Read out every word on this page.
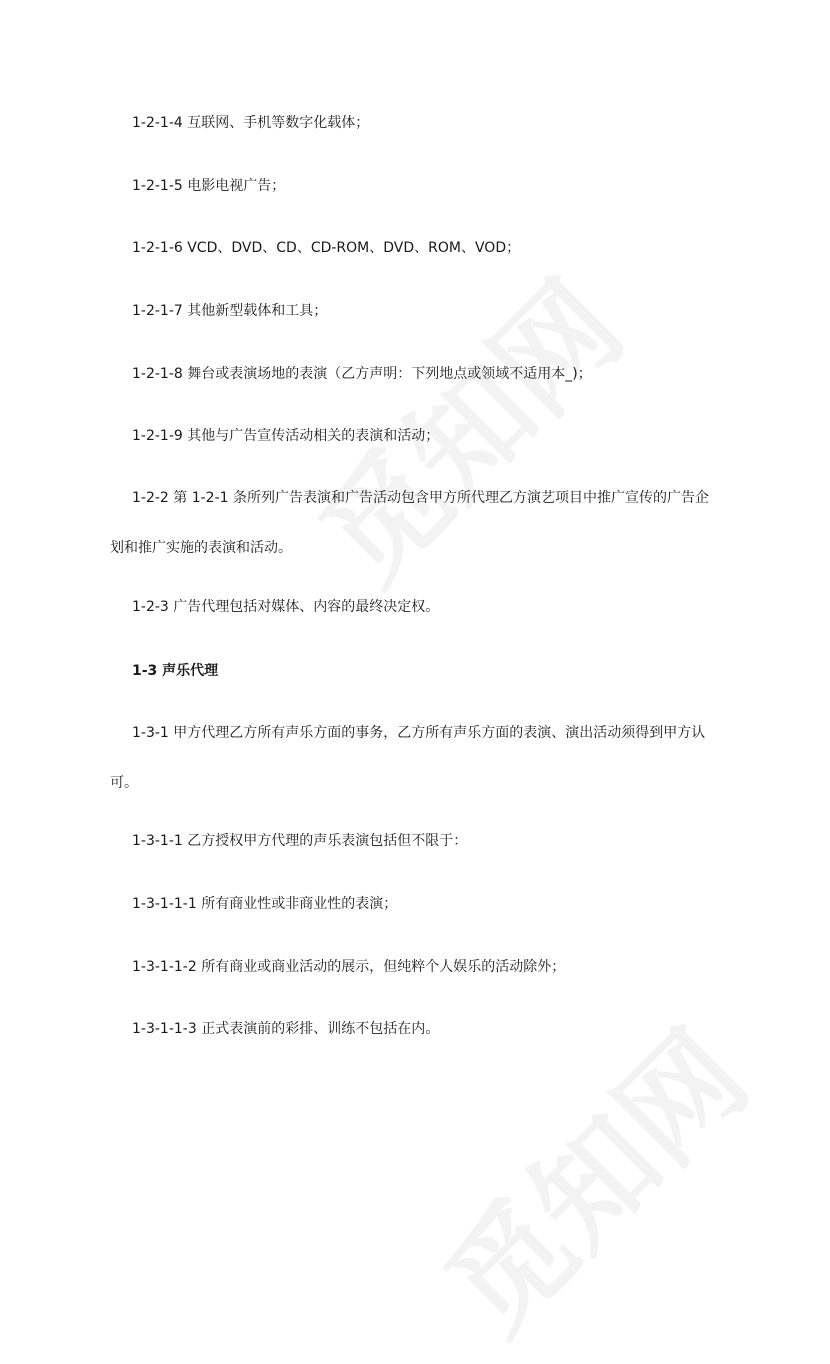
1-2-1-4 互联网、手机等数字化载体；
1-2-1-5 电影电视广告；
1-2-1-6 VCD、DVD、CD、CD-ROM、DVD、ROM、VOD；
1-2-1-7 其他新型载体和工具；
1-2-1-8 舞台或表演场地的表演（乙方声明：下列地点或领域不适用本_)；
1-2-1-9 其他与广告宣传活动相关的表演和活动；
1-2-2 第 1-2-1 条所列广告表演和广告活动包含甲方所代理乙方演艺项目中推广宣传的广告企划和推广实施的表演和活动。
1-2-3 广告代理包括对媒体、内容的最终决定权。
1-3 声乐代理
1-3-1 甲方代理乙方所有声乐方面的事务，乙方所有声乐方面的表演、演出活动须得到甲方认可。
1-3-1-1 乙方授权甲方代理的声乐表演包括但不限于：
1-3-1-1-1 所有商业性或非商业性的表演；
1-3-1-1-2 所有商业或商业活动的展示，但纯粹个人娱乐的活动除外；
1-3-1-1-3 正式表演前的彩排、训练不包括在内。
